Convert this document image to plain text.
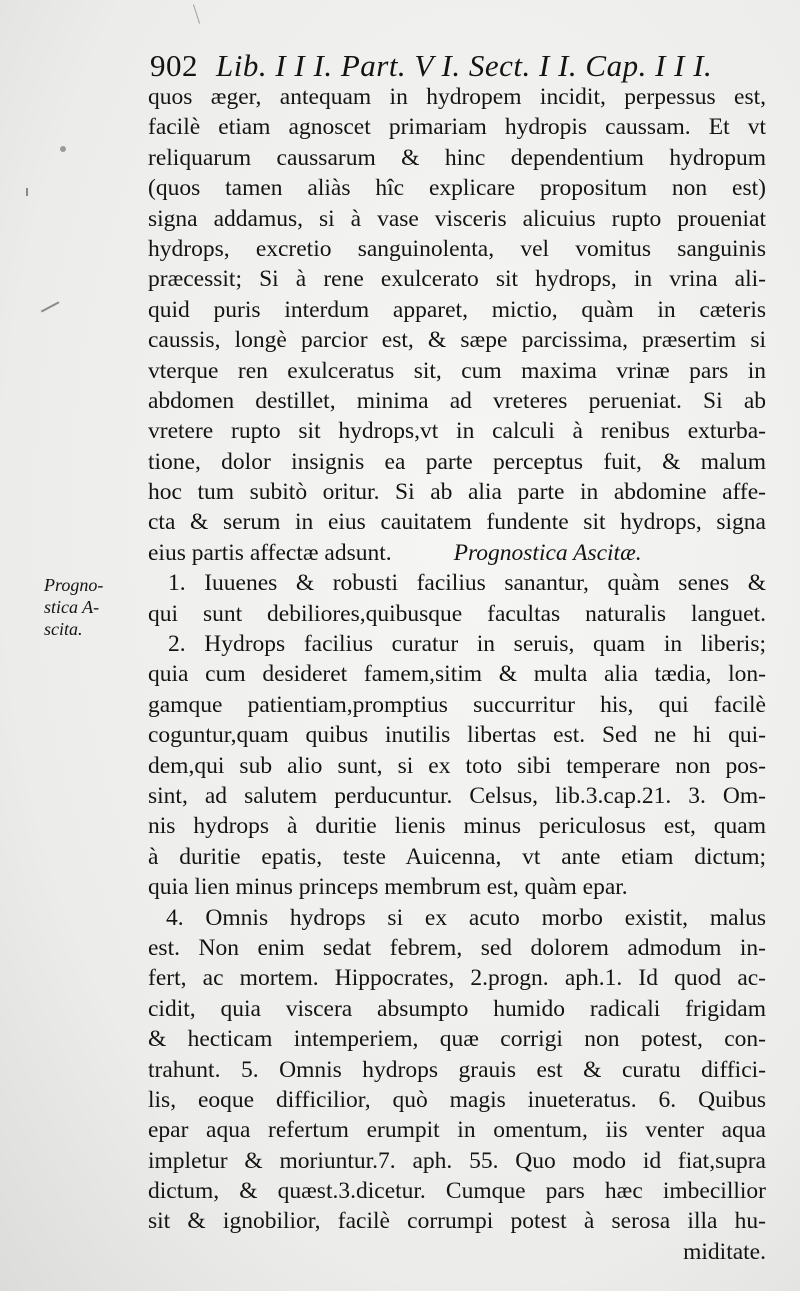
902 Lib. I I I. Part. V I. Sect. I I. Cap. I I I.
Progno-
stica A-
scita.
quos æger, antequam in hydropem incidit, perpessus est,
facilè etiam agnoscet primariam hydropis caussam. Et vt
reliquarum caussarum & hinc dependentium hydropum
(quos tamen aliàs hîc explicare propositum non est)
signa addamus, si à vase visceris alicuius rupto proueniat
hydrops, excretio sanguinolenta, vel vomitus sanguinis
præcessit; Si à rene exulcerato sit hydrops, in vrina ali-
quid puris interdum apparet, mictio, quàm in cæteris
caussis, longè parcior est, & sæpe parcissima, præsertim si
vterque ren exulceratus sit, cum maxima vrinæ pars in
abdomen destillet, minima ad vreteres perueniat. Si ab
vretere rupto sit hydrops,vt in calculi à renibus exturba-
tione, dolor insignis ea parte perceptus fuit, & malum
hoc tum subitò oritur. Si ab alia parte in abdomine affe-
cta & serum in eius cauitatem fundente sit hydrops, signa
eius partis affectæ adsunt.	Prognostica Ascitæ.
1. Iuuenes & robusti facilius sanantur, quàm senes &
qui sunt debiliores,quibusque facultas naturalis languet.
2. Hydrops facilius curatur in seruis, quam in liberis;
quia cum desideret famem,sitim & multa alia tædia, lon-
gamque patientiam,promptius succurritur his, qui facilè
coguntur,quam quibus inutilis libertas est. Sed ne hi qui-
dem,qui sub alio sunt, si ex toto sibi temperare non pos-
sint, ad salutem perducuntur. Celsus, lib.3.cap.21. 3. Om-
nis hydrops à duritie lienis minus periculosus est, quam
à duritie epatis, teste Auicenna, vt ante etiam dictum;
quia lien minus princeps membrum est, quàm epar.
4. Omnis hydrops si ex acuto morbo existit, malus
est. Non enim sedat febrem, sed dolorem admodum in-
fert, ac mortem. Hippocrates, 2.progn. aph.1. Id quod ac-
cidit, quia viscera absumpto humido radicali frigidam
& hecticam intemperiem, quæ corrigi non potest, con-
trahunt. 5. Omnis hydrops grauis est & curatu diffici-
lis, eoque difficilior, quò magis inueteratus. 6. Quibus
epar aqua refertum erumpit in omentum, iis venter aqua
impletur & moriuntur.7. aph. 55. Quo modo id fiat,supra
dictum, & quæst.3.dicetur. Cumque pars hæc imbecillior
sit & ignobilior, facilè corrumpi potest à serosa illa hu-
miditate.
